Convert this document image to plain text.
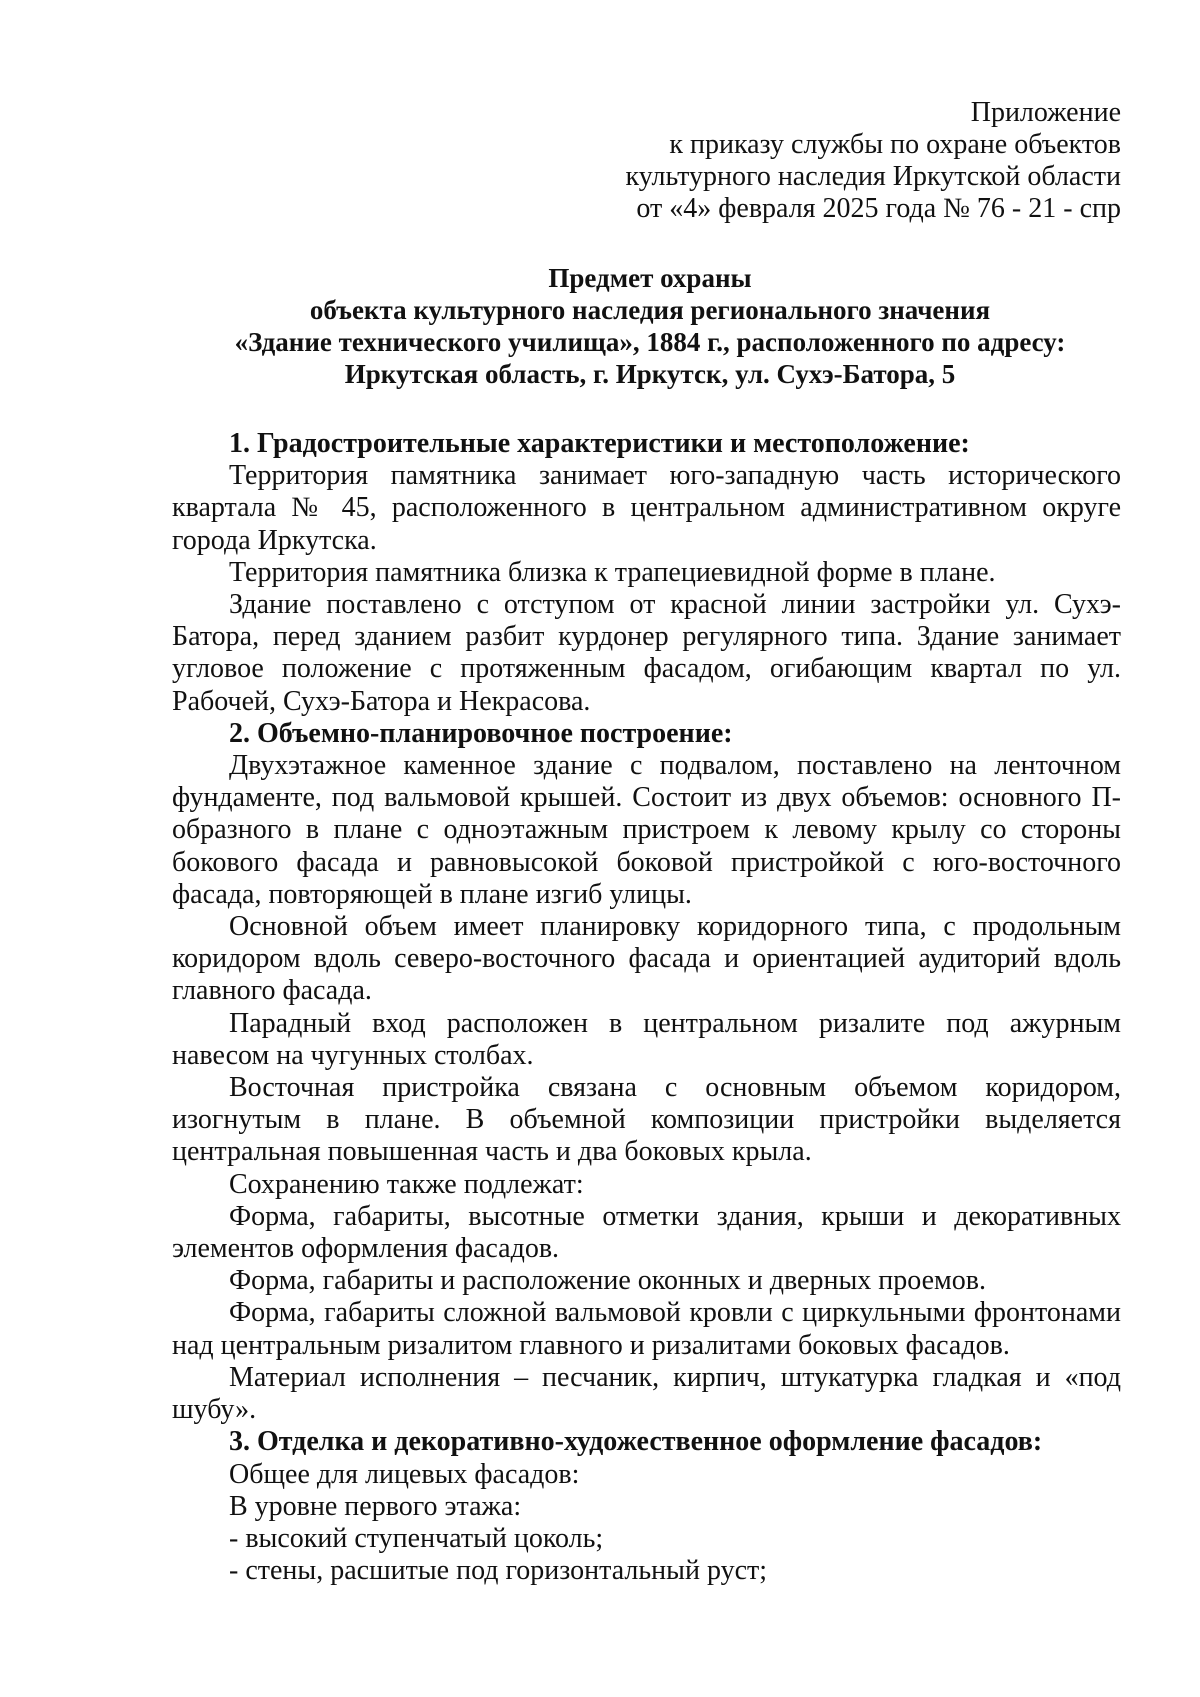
Приложение
к приказу службы по охране объектов
культурного наследия Иркутской области
от «4» февраля 2025 года № 76 - 21 - спр
Предмет охраны
объекта культурного наследия регионального значения
«Здание технического училища», 1884 г., расположенного по адресу:
Иркутская область, г. Иркутск, ул. Сухэ-Батора, 5

1. Градостроительные характеристики и местоположение:

Территория памятника занимает юго-западную часть исторического квартала № 45, расположенного в центральном административном округе города Иркутска.

Территория памятника близка к трапециевидной форме в плане.

Здание поставлено с отступом от красной линии застройки ул. Сухэ-Батора, перед зданием разбит курдонер регулярного типа. Здание занимает угловое положение с протяженным фасадом, огибающим квартал по ул. Рабочей, Сухэ-Батора и Некрасова.

2. Объемно-планировочное построение:

Двухэтажное каменное здание с подвалом, поставлено на ленточном фундаменте, под вальмовой крышей. Состоит из двух объемов: основного П-образного в плане с одноэтажным пристроем к левому крылу со стороны бокового фасада и равновысокой боковой пристройкой с юго-восточного фасада, повторяющей в плане изгиб улицы.

Основной объем имеет планировку коридорного типа, с продольным коридором вдоль северо-восточного фасада и ориентацией аудиторий вдоль главного фасада.

Парадный вход расположен в центральном ризалите под ажурным навесом на чугунных столбах.

Восточная пристройка связана с основным объемом коридором, изогнутым в плане. В объемной композиции пристройки выделяется центральная повышенная часть и два боковых крыла.

Сохранению также подлежат:

Форма, габариты, высотные отметки здания, крыши и декоративных элементов оформления фасадов.

Форма, габариты и расположение оконных и дверных проемов.

Форма, габариты сложной вальмовой кровли с циркульными фронтонами над центральным ризалитом главного и ризалитами боковых фасадов.

Материал исполнения – песчаник, кирпич, штукатурка гладкая и «под шубу».

3. Отделка и декоративно-художественное оформление фасадов:

Общее для лицевых фасадов:

В уровне первого этажа:

- высокий ступенчатый цоколь;

- стены, расшитые под горизонтальный руст;
